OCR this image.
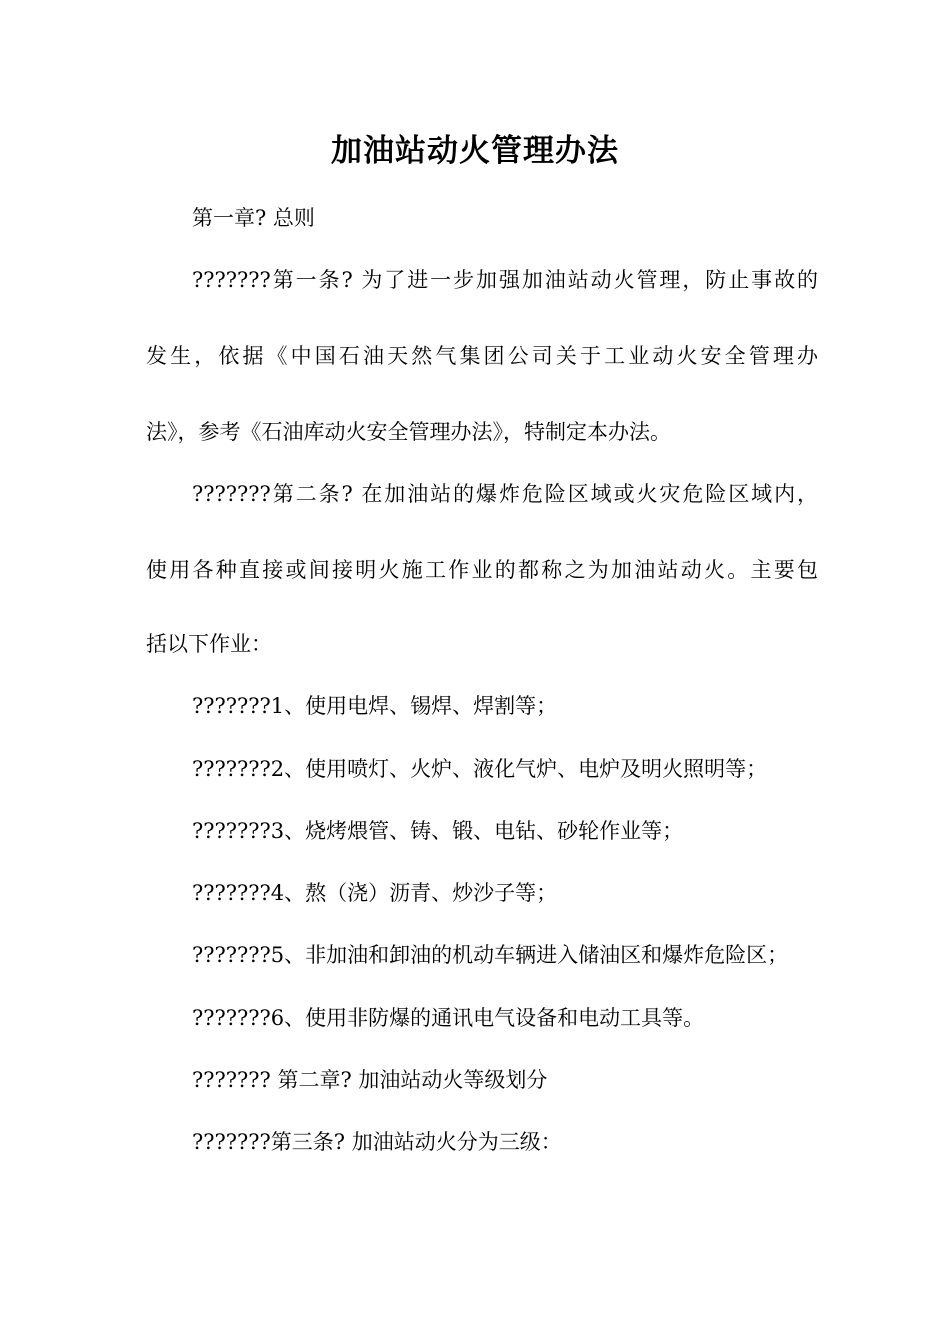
加油站动火管理办法
第一章? 总则
???????第一条? 为了进一步加强加油站动火管理，防止事故的
发生，依据《中国石油天然气集团公司关于工业动火安全管理办
法》，参考《石油库动火安全管理办法》，特制定本办法。
???????第二条? 在加油站的爆炸危险区域或火灾危险区域内，
使用各种直接或间接明火施工作业的都称之为加油站动火。主要包
括以下作业：
???????1、使用电焊、锡焊、焊割等；
???????2、使用喷灯、火炉、液化气炉、电炉及明火照明等；
???????3、烧烤煨管、铸、锻、电钻、砂轮作业等；
???????4、熬（浇）沥青、炒沙子等；
???????5、非加油和卸油的机动车辆进入储油区和爆炸危险区；
???????6、使用非防爆的通讯电气设备和电动工具等。
??????? 第二章? 加油站动火等级划分
???????第三条? 加油站动火分为三级：
